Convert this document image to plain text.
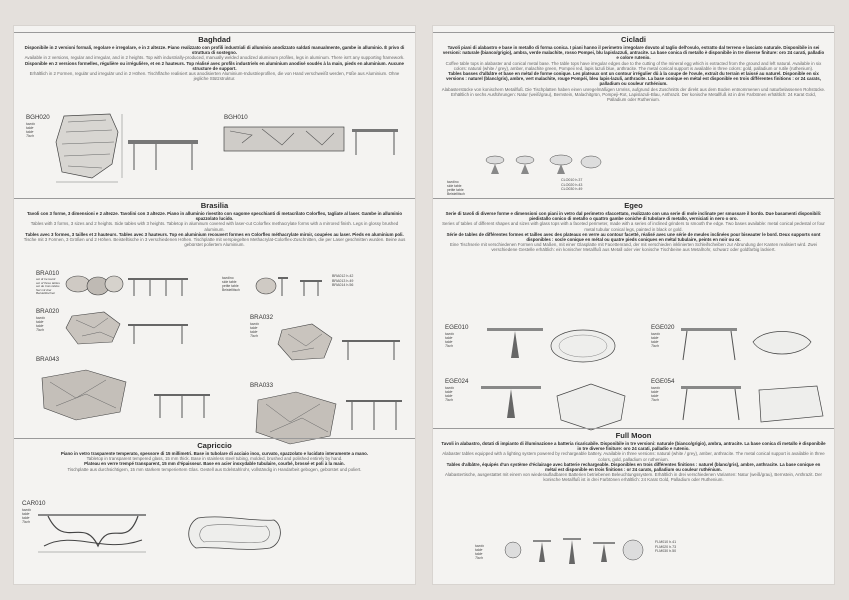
Baghdad
Disponibile in 2 versioni formali, regolare e irregolare, e in 2 altezze. Piano realizzato con profili industriali di alluminio anodizzato saldati manualmente, gambe in alluminio. È privo di struttura di sostegno.
Available in 2 versions, regular and irregular, and in 2 heights. Top with industrially-produced, manually welded anodized aluminum profiles, legs in aluminum. There isn't any supporting framework.
Disponible en 2 versions formelles, régulière ou irrégulière, et en 2 hauteurs. Top réalisé avec profils industriels en aluminium anodisé soudés à la main, pieds en aluminium. Aucune structure de support.
Erhältlich in 2 Formen, regulär und irregulär und in 2 Höhen. Tischfläche realisiert aus anodisierten Aluminium-Industrieprofilen, die von Hand verschweißt werden, Füße aus Aluminium. Ohne jegliche Stützstruktur.
BGH020
tavolo
table
table
Tisch
BGH010
Brasilia
Tavoli con 3 forme, 3 dimensioni e 2 altezze. Tavolini con 3 altezze. Piano in alluminio rivestito con sagome specchianti di metacrilato Colorflex, tagliate al laser. Gambe in alluminio spazzolato lucido.
Tables with 3 forms, 3 sizes and 2 heights. Side tables with 3 heights. Tabletop in aluminum covered with laser-cut Colorflex methacrylate forms with a mirrored finish. Legs in glossy brushed aluminum.
Tables avec 3 formes, 3 tailles et 2 hauteurs. Tables avec 3 hauteurs. Top en aluminium recouvert formes en Colorflex méthacrylate miroir, coupées au laser. Pieds en aluminium poli.
Tische mit 3 Formen, 3 Größen und 2 Höhen. Beistelltische in 3 verschiedenen Höhen. Tischplatte mit verspiegelten Methacrylat-Colorflex-Zuschnitten, die per Laser geschnitten wurden. Beine aus gebürstet poliertem Aluminium.
BRA010
set di tre tavoli
set of three tables
set de trois tables
Set mit drei
Beistelltischen
tavolino
side table
petite table
Beistelltisch
BRA012 h.42
BRA013 h.49
BRA014 h.56
BRA020
tavolo
table
table
Tisch
BRA043
BRA032
tavolo
table
table
Tisch
BRA033
Capriccio
Piano in vetro trasparente temperato, spessore di 15 millimetri. Base in tubolare di acciaio inox, curvato, spazzolato e lucidato interamente a mano.
Tabletop in transparent tempered glass, 15 mm thick. Base in stainless steel tubing, molded, brushed and polished entirely by hand.
Plateau en verre trempé transparent, 15 mm d'épaisseur. Base en acier inoxydable tubulaire, courbé, brossé et poli à la main.
Tischplatte aus durchsichtigem, 15 mm starkem temperiertem Glas. Gestell aus Edelstahlrohr, vollständig in Handarbeit gebogen, gebürstet und poliert.
CAR010
tavolo
table
table
Tisch
Cicladi
Tavoli piani di alabastro e base in metallo di forma conica. I piani hanno il perimetro irregolare dovuto al taglio dell'ovulo, estratto dal terreno e lasciato naturale. Disponibile in sei versioni: naturale (bianco/grigio), ambra, verde malachite, rosso Pompei, blu lapislazzuli, antracite. La base conica di metallo è disponibile in tre diverse finiture: oro 24 carati, palladio e colore rutenio.
Coffee table tops in alabaster and conical metal base. The table tops have irregular edges due to the cutting of the mineral egg which is extracted from the ground and left natural. Available in six colors: natural (white / grey), amber, malachite green, Pompeii red, lapis lazuli blue, anthracite. The metal conical support is available in three colors: gold, palladium or rutile (ruthenium).
Tables basses d'albâtre et base en métal de forme conique. Les plateaux ont un contour irrégulier dû à la coupe de l'ovule, extrait du terrain et laissé au naturel. Disponible en six versions : naturel (blanc/gris), ambre, vert malachite, rouge Pompéi, bleu lapis-lazuli, anthracite. La base conique en métal est disponible en trois différentes finitions : or 24 carats, palladium ou couleur ruthénium.
Alabasterstücke von konischem Metallfuß. Die Tischplatten haben einen unregelmäßigen Umriss, aufgrund des Zuschnitts der direkt aus dem Boden entnommenen und naturbelassenen Rohstücke. Erhältlich in sechs Ausführungen: Natur (weiß/grau), Bernstein, Malachitgrün, Pompeji-Rot, Lapislazuli-Blau, Anthrazit. Der konische Metallfuß ist in drei Farbtönen erhältlich: 24 Karat Gold, Palladium oder Ruthenium.
tavolino
side table
petite table
Beistelltisch
CLO010 h.37
CLO020 h.43
CLO030 h.49
Egeo
Serie di tavoli di diverse forme e dimensioni con piani in vetro dal perimetro sfaccettato, realizzato con una serie di mole inclinate per smussare il bordo. Due basamenti disponibili: piedistallo conico di metallo o quattro gambe coniche di tubolare di metallo, verniciati in nero o oro.
Series of tables of different shapes and sizes with glass tops with a faceted perimeter, made with a series of inclined grinders to smooth the edge. Two bases available: metal conical pedestal or four metal tubular conical legs, painted in black or gold.
Série de tables de différentes formes et tailles avec des plateaux en verre au contour facetté, réalisé avec une série de meules inclinées pour biseauter le bord. Deux supports sont disponibles : socle conique en métal ou quatre pieds coniques en métal tubulaire, peints en noir ou or.
Eine Tischserie mit verschiedenen Formen und Maßen, mit einer Glasplatte mit Facettenrand, der mit verschieden inklinierten Schleifscheiben zur Abrundung der Kanten realisiert wird. Zwei verschiedene Gestelle erhältlich: ein konischer Metallfuß aus Metall oder vier konische Tischbeine aus Metallrohr, schwarz oder goldfarbig lackiert.
EGE010
tavolo
table
table
Tisch
EGE020
tavolo
table
table
Tisch
EGE024
tavolo
table
table
Tisch
EGE054
tavolo
table
table
Tisch
Full Moon
Tavoli in alabastro, dotati di impianto di illuminazione a batteria ricaricabile. Disponibile in tre versioni: naturale (bianco/grigio), ambra, antracite. La base conica di metallo è disponibile in tre diverse finiture: oro 24 carati, palladio e rutenio.
Alabaster tables equipped with a lighting system powered by rechargeable battery. Available in three versions: natural (white / grey), amber, anthracite. The metal conical support is available in three colors, gold, palladium or ruthenium.
Tables d'albâtre, équipés d'un système d'éclairage avec batterie rechargeable. Disponibles en trois différentes finitions : naturel (blanc/gris), ambre, anthracite. La base conique en métal est disponible en trois finitions : or 24 carats, palladium ou couleur ruthénium.
Alabastertische, ausgestattet mit einem von wiederaufladbaren Batterien betriebenen Beleuchtungssystem. Erhältlich in drei verschiedenen Varianten: Natur (weiß/grau), Bernstein, Anthrazit. Der konische Metallfuß ist in drei Farbtönen erhältlich: 24 Karat Gold, Palladium oder Ruthenium.
tavolo
table
table
Tisch
FLM010 h.41
FLM020 h.73
FLM030 h.50
